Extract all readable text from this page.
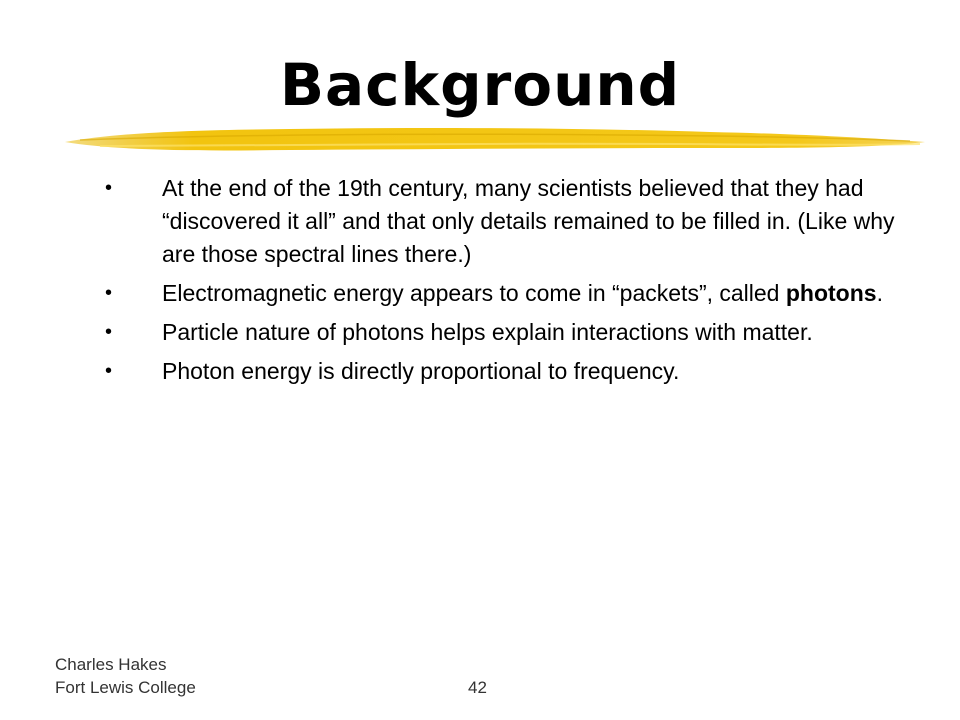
Background
• At the end of the 19th century, many scientists believed that they had “discovered it all” and that only details remained to be filled in. (Like why are those spectral lines there.)
• Electromagnetic energy appears to come in “packets”, called photons.
• Particle nature of photons helps explain interactions with matter.
• Photon energy is directly proportional to frequency.
Charles Hakes
Fort Lewis College	42
